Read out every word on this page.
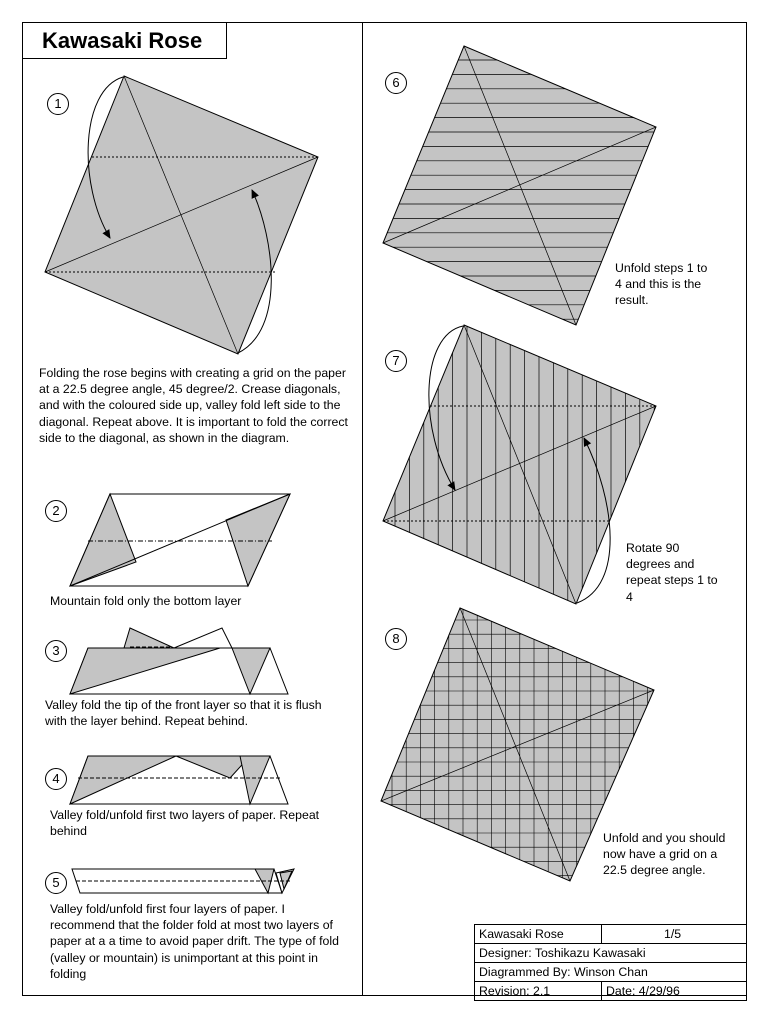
Kawasaki Rose
1
2
3
4
5
6
7
8
Folding the rose begins with creating a grid on the paper at a 22.5 degree angle, 45 degree/2. Crease diagonals, and with the coloured side up, valley fold left side to the diagonal. Repeat above. It is important to fold the correct side to the diagonal, as shown in the diagram.
Mountain fold only the bottom layer
Valley fold the tip of the front layer so that it is flush with the layer behind. Repeat behind.
Valley fold/unfold first two layers of paper. Repeat behind
Valley fold/unfold first four layers of paper. I recommend that the folder fold at most two layers of paper at a a time to avoid paper drift. The type of fold (valley or mountain) is unimportant at this point in folding
Unfold steps 1 to 4 and this is the result.
Rotate 90 degrees and repeat steps 1 to 4
Unfold and you should now have a grid on a 22.5 degree angle.
Kawasaki Rose	1/5
Designer: Toshikazu Kawasaki	
Diagrammed By: Winson Chan	
Revision: 2.1	Date: 4/29/96
